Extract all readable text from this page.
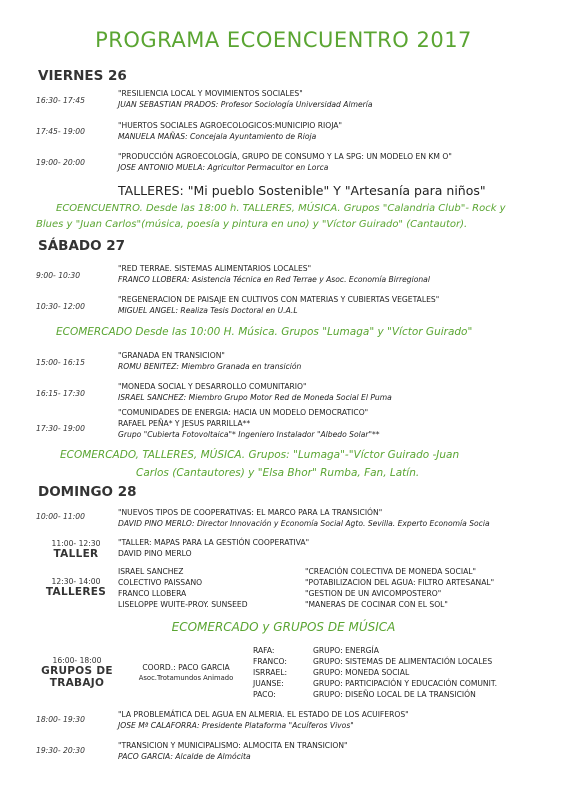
PROGRAMA ECOENCUENTRO 2017
VIERNES 26
16:30- 17:45
"RESILIENCIA LOCAL Y MOVIMIENTOS SOCIALES"
JUAN SEBASTIAN PRADOS: Profesor Sociología Universidad Almería
17:45- 19:00
"HUERTOS SOCIALES AGROECOLOGICOS:MUNICIPIO RIOJA"
MANUELA MAÑAS: Concejala Ayuntamiento de Rioja
19:00- 20:00
"PRODUCCIÓN AGROECOLOGÍA, GRUPO DE CONSUMO Y LA SPG: UN MODELO EN KM O"
JOSE ANTONIO MUELA: Agricultor Permacultor en Lorca
TALLERES: "Mi pueblo Sostenible" Y "Artesanía para niños"
ECOENCUENTRO. Desde las 18:00 h. TALLERES, MÚSICA. Grupos "Calandria Club"- Rock y
Blues y "Juan Carlos"(música, poesía y pintura en uno) y "Víctor Guirado" (Cantautor).
SÁBADO 27
9:00- 10:30
"RED TERRAE. SISTEMAS ALIMENTARIOS LOCALES"
FRANCO LLOBERA: Asistencia Técnica en Red Terrae y Asoc. Economía Birregional
10:30- 12:00
"REGENERACION DE PAISAJE EN CULTIVOS CON MATERIAS Y CUBIERTAS VEGETALES"
MIGUEL ANGEL: Realiza Tesis Doctoral en U.A.L
ECOMERCADO Desde las 10:00 H. Música. Grupos "Lumaga" y "Víctor Guirado"
15:00- 16:15
"GRANADA EN TRANSICION"
ROMU BENITEZ: Miembro Granada en transición
16:15- 17:30
"MONEDA SOCIAL Y DESARROLLO COMUNITARIO"
ISRAEL SANCHEZ: Miembro Grupo Motor Red de Moneda Social El Puma
17:30- 19:00
"COMUNIDADES DE ENERGIA: HACIA UN MODELO DEMOCRATICO"
RAFAEL PEÑA* Y JESUS PARRILLA**
Grupo "Cubierta Fotovoltaica"* Ingeniero Instalador "Albedo Solar"**
ECOMERCADO, TALLERES, MÚSICA. Grupos: "Lumaga"-"Víctor Guirado -Juan
Carlos (Cantautores) y "Elsa Bhor" Rumba, Fan, Latín.
DOMINGO 28
10:00- 11:00	"NUEVOS TIPOS DE COOPERATIVAS: EL MARCO PARA LA TRANSICIÓN"
DAVID PINO MERLO: Director Innovación y Economía Social Agto. Sevilla. Experto Economía Socia
11:00- 12:30
TALLER
"TALLER: MAPAS PARA LA GESTIÓN COOPERATIVA"
DAVID PINO MERLO
12:30- 14:00
TALLERES
ISRAEL SANCHEZ
COLECTIVO PAISSANO
FRANCO LLOBERA
LISELOPPE WUITE-PROY. SUNSEED
"CREACIÓN COLECTIVA DE MONEDA SOCIAL"
"POTABILIZACION DEL AGUA: FILTRO ARTESANAL"
"GESTION DE UN AVICOMPOSTERO"
"MANERAS DE COCINAR CON EL SOL"
ECOMERCADO y GRUPOS DE MÚSICA
16:00- 18:00
GRUPOS DE
TRABAJO
COORD.: PACO GARCIA
Asoc.Trotamundos Animado
RAFA:
FRANCO:
ISRRAEL:
JUANSE:
PACO:
GRUPO: ENERGÍA
GRUPO: SISTEMAS DE ALIMENTACIÓN LOCALES
GRUPO: MONEDA SOCIAL
GRUPO: PARTICIPACIÓN Y EDUCACIÓN COMUNIT.
GRUPO: DISEÑO LOCAL DE LA TRANSICIÓN
18:00- 19:30
"LA PROBLEMÁTICA DEL AGUA EN ALMERIA. EL ESTADO DE LOS ACUIFEROS"
JOSE Mª CALAFORRA: Presidente Plataforma "Acuíferos Vivos"
19:30- 20:30
"TRANSICION Y MUNICIPALISMO: ALMOCITA EN TRANSICION"
PACO GARCIA: Alcalde de Almócita
